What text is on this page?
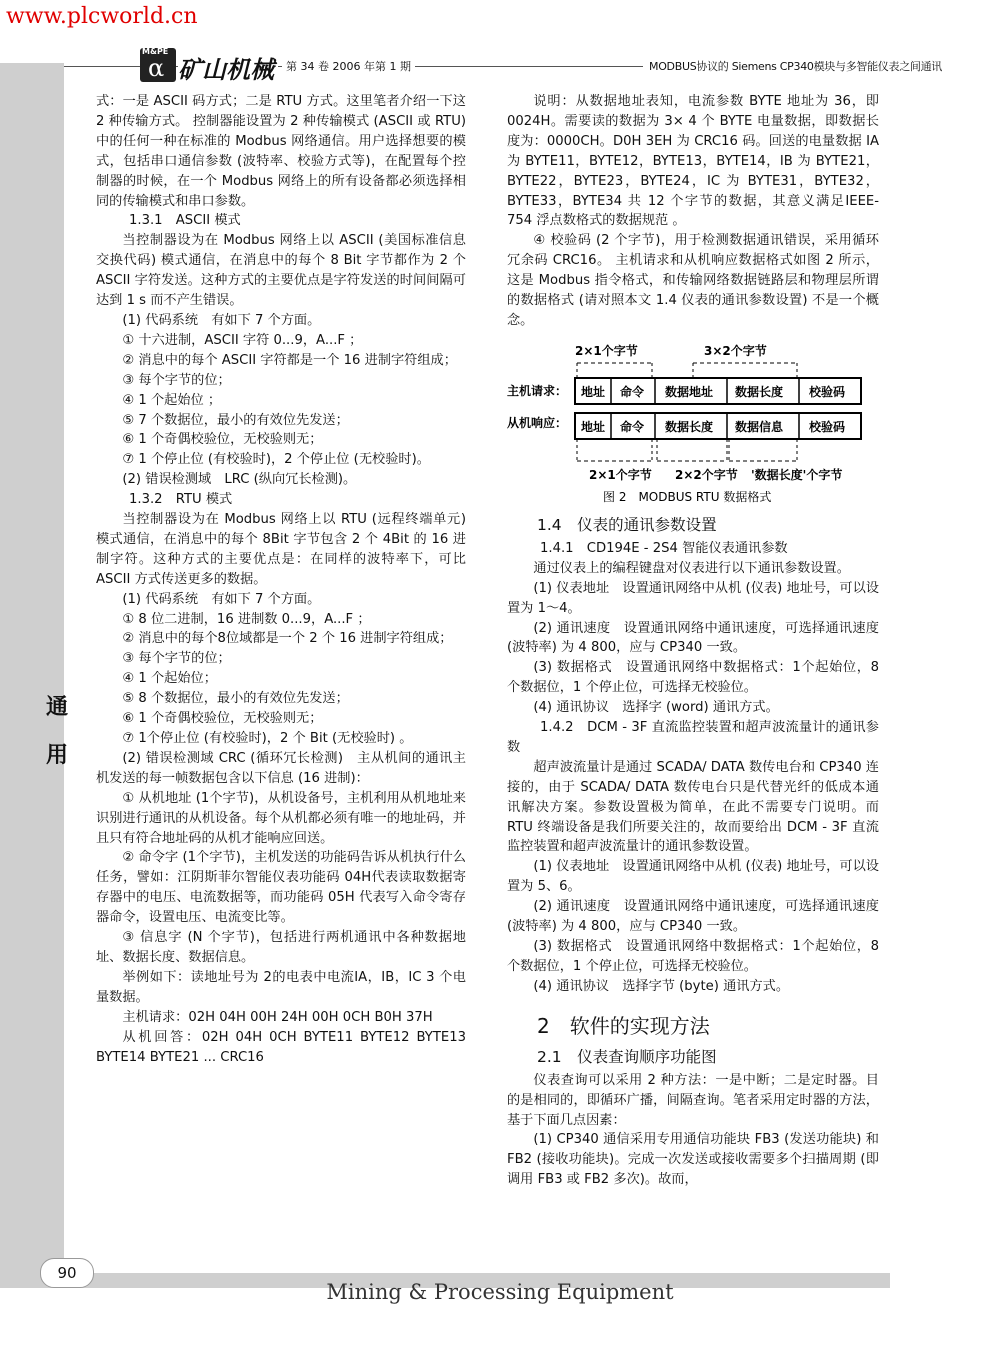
www.plcworld.cn
M&PE
α 矿山机械	第 34 卷 2006 年第 1 期	MODBUS协议的 Siemens CP340模块与多智能仪表之间通讯
通
用

式：一是 ASCII 码方式；二是 RTU 方式。这里笔者介绍一下这 2 种传输方式。 控制器能设置为 2 种传输模式 (ASCII 或 RTU) 中的任何一种在标准的 Modbus 网络通信。用户选择想要的模式，包括串口通信参数 (波特率、校验方式等)，在配置每个控制器的时候，在一个 Modbus 网络上的所有设备都必须选择相同的传输模式和串口参数。

1.3.1　ASCII 模式

当控制器设为在 Modbus 网络上以 ASCII (美国标准信息交换代码) 模式通信，在消息中的每个 8 Bit 字节都作为 2 个 ASCII 字符发送。这种方式的主要优点是字符发送的时间间隔可达到 1 s 而不产生错误。

(1) 代码系统　有如下 7 个方面。

① 十六进制，ASCII 字符 0...9，A...F ；

② 消息中的每个 ASCII 字符都是一个 16 进制字符组成；

③ 每个字节的位；

④ 1 个起始位 ；

⑤ 7 个数据位，最小的有效位先发送；

⑥ 1 个奇偶校验位，无校验则无；

⑦ 1 个停止位 (有校验时)，2 个停止位 (无校验时)。

(2) 错误检测域　LRC (纵向冗长检测)。

1.3.2　RTU 模式

当控制器设为在 Modbus 网络上以 RTU (远程终端单元) 模式通信，在消息中的每个 8Bit 字节包含 2 个 4Bit 的 16 进制字符。这种方式的主要优点是：在同样的波特率下，可比 ASCII 方式传送更多的数据。

(1) 代码系统　有如下 7 个方面。

① 8 位二进制，16 进制数 0...9，A...F ；

② 消息中的每个8位域都是一个 2 个 16 进制字符组成；

③ 每个字节的位；

④ 1 个起始位；

⑤ 8 个数据位，最小的有效位先发送；

⑥ 1 个奇偶校验位，无校验则无；

⑦ 1个停止位 (有校验时)，2 个 Bit (无校验时) 。

(2) 错误检测域 CRC (循环冗长检测)　主从机间的通讯主机发送的每一帧数据包含以下信息 (16 进制)：

① 从机地址 (1个字节)，从机设备号，主机利用从机地址来识别进行通讯的从机设备。每个从机都必须有唯一的地址码，并且只有符合地址码的从机才能响应回送。

② 命令字 (1个字节)，主机发送的功能码告诉从机执行什么任务，譬如：江阴斯菲尔智能仪表功能码 04H代表读取数据寄存器中的电压、电流数据等，而功能码 05H 代表写入命令寄存器命令，设置电压、电流变比等。

③ 信息字 (N 个字节)，包括进行两机通讯中各种数据地址、数据长度、数据信息。

举例如下：读地址号为 2的电表中电流IA，IB，IC 3 个电量数据。

主机请求：02H 04H 00H 24H 00H 0CH B0H 37H

从机回答：02H 04H 0CH BYTE11 BYTE12 BYTE13 BYTE14 BYTE21 ... CRC16

说明：从数据地址表知，电流参数 BYTE 地址为 36，即 0024H。需要读的数据为 3× 4 个 BYTE 电量数据，即数据长度为：0000CH。D0H 3EH 为 CRC16 码。回送的电量数据 IA 为 BYTE11，BYTE12，BYTE13，BYTE14，IB 为 BYTE21，BYTE22，BYTE23，BYTE24，IC 为 BYTE31，BYTE32，BYTE33，BYTE34 共 12 个字节的数据，其意义满足IEEE- 754 浮点数格式的数据规范 。

④ 校验码 (2 个字节)，用于检测数据通讯错误，采用循环冗余码 CRC16。 主机请求和从机响应数据格式如图 2 所示，这是 Modbus 指令格式，和传输网络数据链路层和物理层所谓的数据格式 (请对照本文 1.4 仪表的通讯参数设置) 不是一个概念。

2×1个字节	3×2个字节
主机请求： 地址 命令 数据地址 数据长度 校验码
从机响应： 地址 命令 数据长度 数据信息 校验码
2×1个字节 2×2个字节 '数据长度'个字节
图 2　MODBUS RTU 数据格式

1.4　仪表的通讯参数设置

1.4.1　CD194E - 2S4 智能仪表通讯参数

通过仪表上的编程键盘对仪表进行以下通讯参数设置。

(1) 仪表地址　设置通讯网络中从机 (仪表) 地址号，可以设置为 1～4。

(2) 通讯速度　设置通讯网络中通讯速度，可选择通讯速度 (波特率) 为 4 800，应与 CP340 一致。

(3) 数据格式　设置通讯网络中数据格式：1个起始位，8 个数据位，1 个停止位，可选择无校验位。

(4) 通讯协议　选择字 (word) 通讯方式。

1.4.2　DCM - 3F 直流监控装置和超声波流量计的通讯参数

超声波流量计是通过 SCADA/ DATA 数传电台和 CP340 连接的，由于 SCADA/ DATA 数传电台只是代替光纤的低成本通讯解决方案。参数设置极为简单，在此不需要专门说明。而 RTU 终端设备是我们所要关注的，故而要给出 DCM - 3F 直流监控装置和超声波流量计的通讯参数设置。

(1) 仪表地址　设置通讯网络中从机 (仪表) 地址号，可以设置为 5、6。

(2) 通讯速度　设置通讯网络中通讯速度，可选择通讯速度 (波特率) 为 4 800，应与 CP340 一致。

(3) 数据格式　设置通讯网络中数据格式：1个起始位，8 个数据位，1 个停止位，可选择无校验位。

(4) 通讯协议　选择字节 (byte) 通讯方式。

2　软件的实现方法

2.1　仪表查询顺序功能图

仪表查询可以采用 2 种方法：一是中断；二是定时器。目的是相同的，即循环广播，间隔查询。笔者采用定时器的方法，基于下面几点因素：

(1) CP340 通信采用专用通信功能块 FB3 (发送功能块) 和 FB2 (接收功能块)。完成一次发送或接收需要多个扫描周期 (即调用 FB3 或 FB2 多次)。故而，

90
Mining & Processing Equipment
